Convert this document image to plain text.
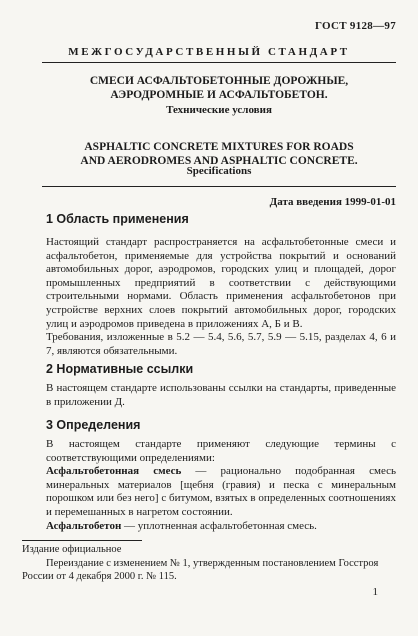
ГОСТ 9128—97
МЕЖГОСУДАРСТВЕННЫЙ СТАНДАРТ
СМЕСИ АСФАЛЬТОБЕТОННЫЕ ДОРОЖНЫЕ,
АЭРОДРОМНЫЕ И АСФАЛЬТОБЕТОН.
Технические условия
ASPHALTIC CONCRETE MIXTURES FOR ROADS
AND AERODROMES AND ASPHALTIC CONCRETE.
Specifications
Дата введения 1999-01-01
1 Область применения

Настоящий стандарт распространяется на асфальтобетонные смеси и асфальтобетон, применяемые для устройства покрытий и оснований автомобильных дорог, аэродромов, городских улиц и площадей, дорог промышленных предприятий в соответствии с действующими строительными нормами. Область применения асфальтобетонов при устройстве верхних слоев покрытий автомобильных дорог, городских улиц и аэродромов приведена в приложениях А, Б и В.

Требования, изложенные в 5.2 — 5.4, 5.6, 5.7, 5.9 — 5.15, разделах 4, 6 и 7, являются обязательными.

2 Нормативные ссылки
В настоящем стандарте использованы ссылки на стандарты, приведенные в приложении Д.
3 Определения

В настоящем стандарте применяют следующие термины с соответствующими определениями:

Асфальтобетонная смесь — рационально подобранная смесь минеральных материалов [щебня (гравия) и песка с минеральным порошком или без него] с битумом, взятых в определенных соотношениях и перемешанных в нагретом состоянии.

Асфальтобетон — уплотненная асфальтобетонная смесь.

Издание официальное
Переиздание с изменением № 1, утвержденным постановлением Госстроя России от 4 декабря 2000 г. № 115.
1
